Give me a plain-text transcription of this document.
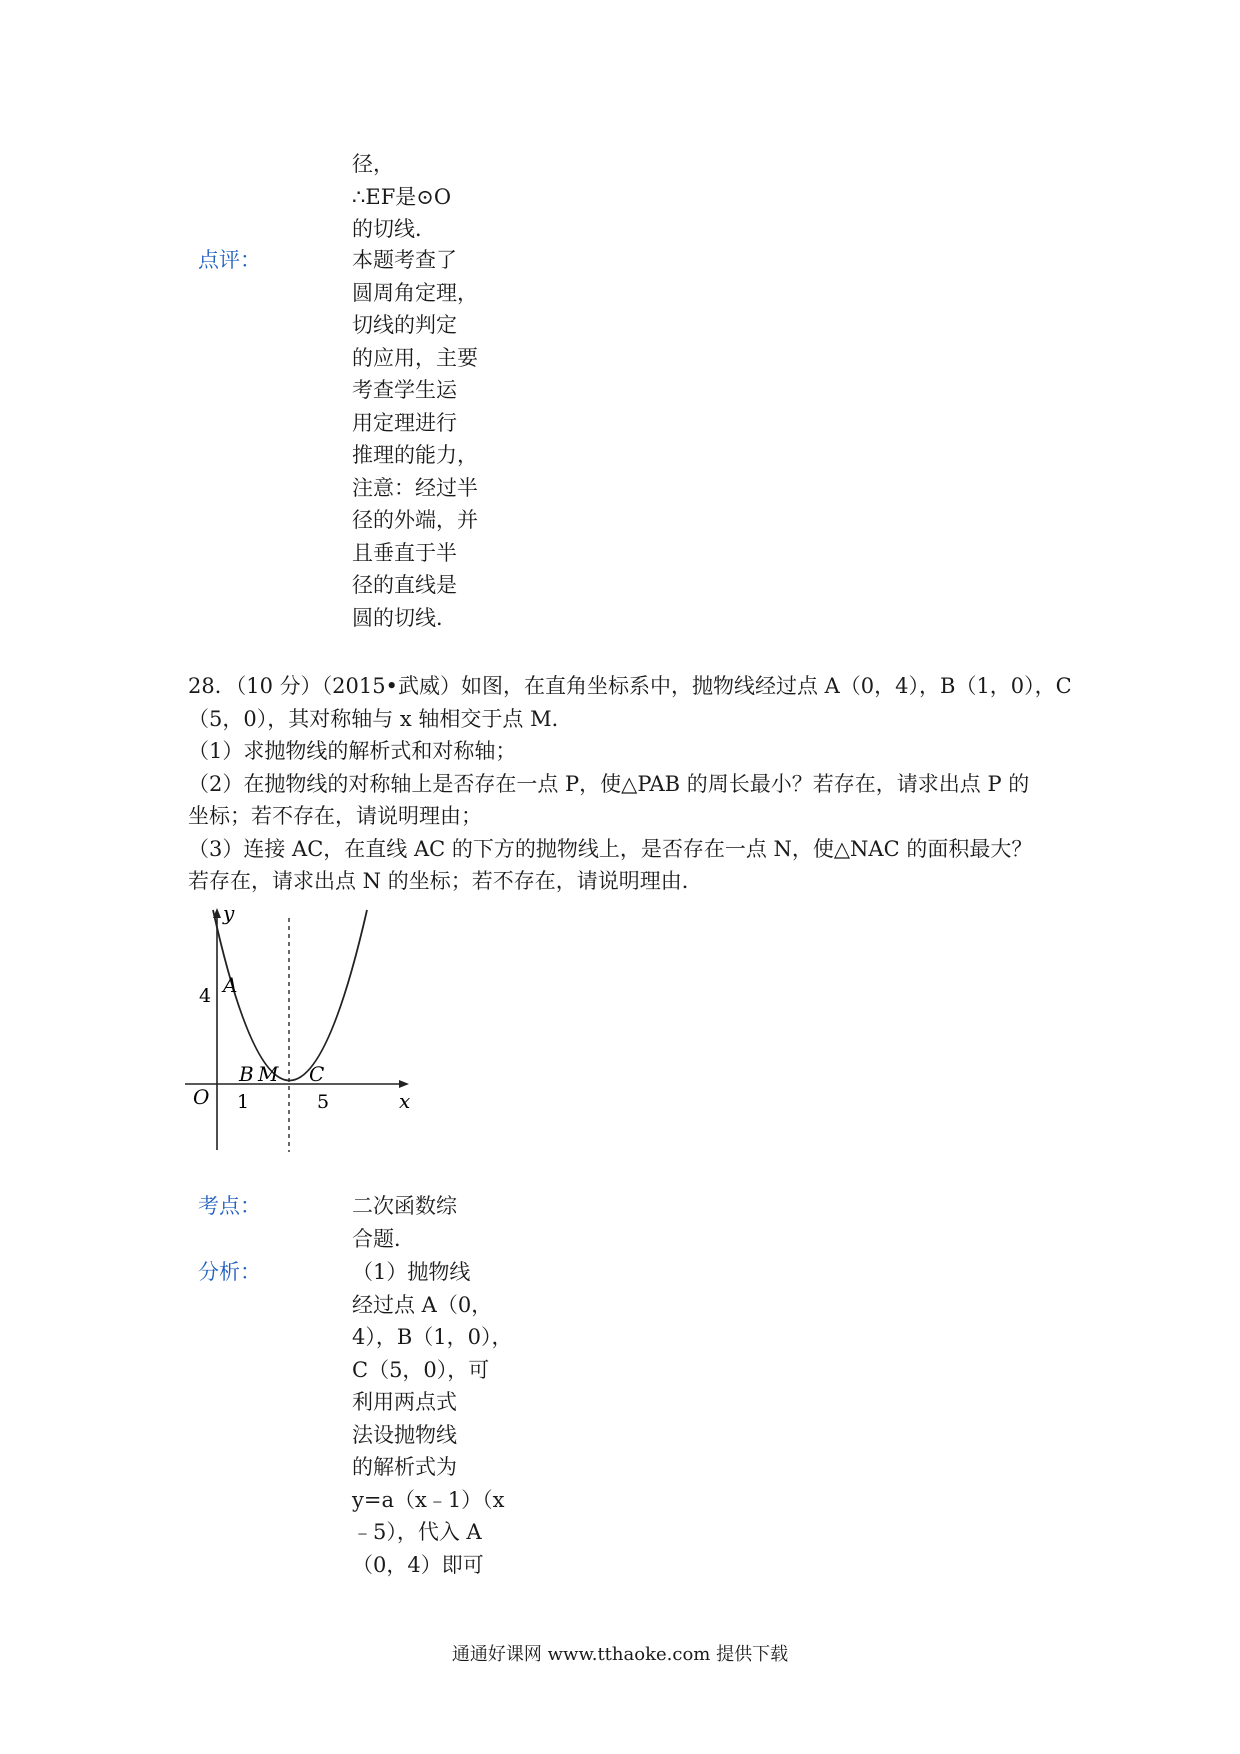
径，
∴EF是⊙O
的切线．
点评：	本题考查了
圆周角定理，
切线的判定
的应用，主要
考查学生运
用定理进行
推理的能力，
注意：经过半
径的外端，并
且垂直于半
径的直线是
圆的切线．
28．（10 分）（2015•武威）如图，在直角坐标系中，抛物线经过点 A（0，4），B（1，0），C
（5，0），其对称轴与 x 轴相交于点 M．
（1）求抛物线的解析式和对称轴；
（2）在抛物线的对称轴上是否存在一点 P，使△PAB 的周长最小？若存在，请求出点 P 的
坐标；若不存在，请说明理由；
（3）连接 AC，在直线 AC 的下方的抛物线上，是否存在一点 N，使△NAC 的面积最大？
若存在，请求出点 N 的坐标；若不存在，请说明理由．
y
x
O
A
4
B M
1
C
5
考点：	二次函数综
合题．
分析：	（1）抛物线
经过点 A（0，
4），B（1，0），
C（5，0），可
利用两点式
法设抛物线
的解析式为
y=a（x﹣1）（x
﹣5），代入 A
（0，4）即可
通通好课网 www.tthaoke.com 提供下载
